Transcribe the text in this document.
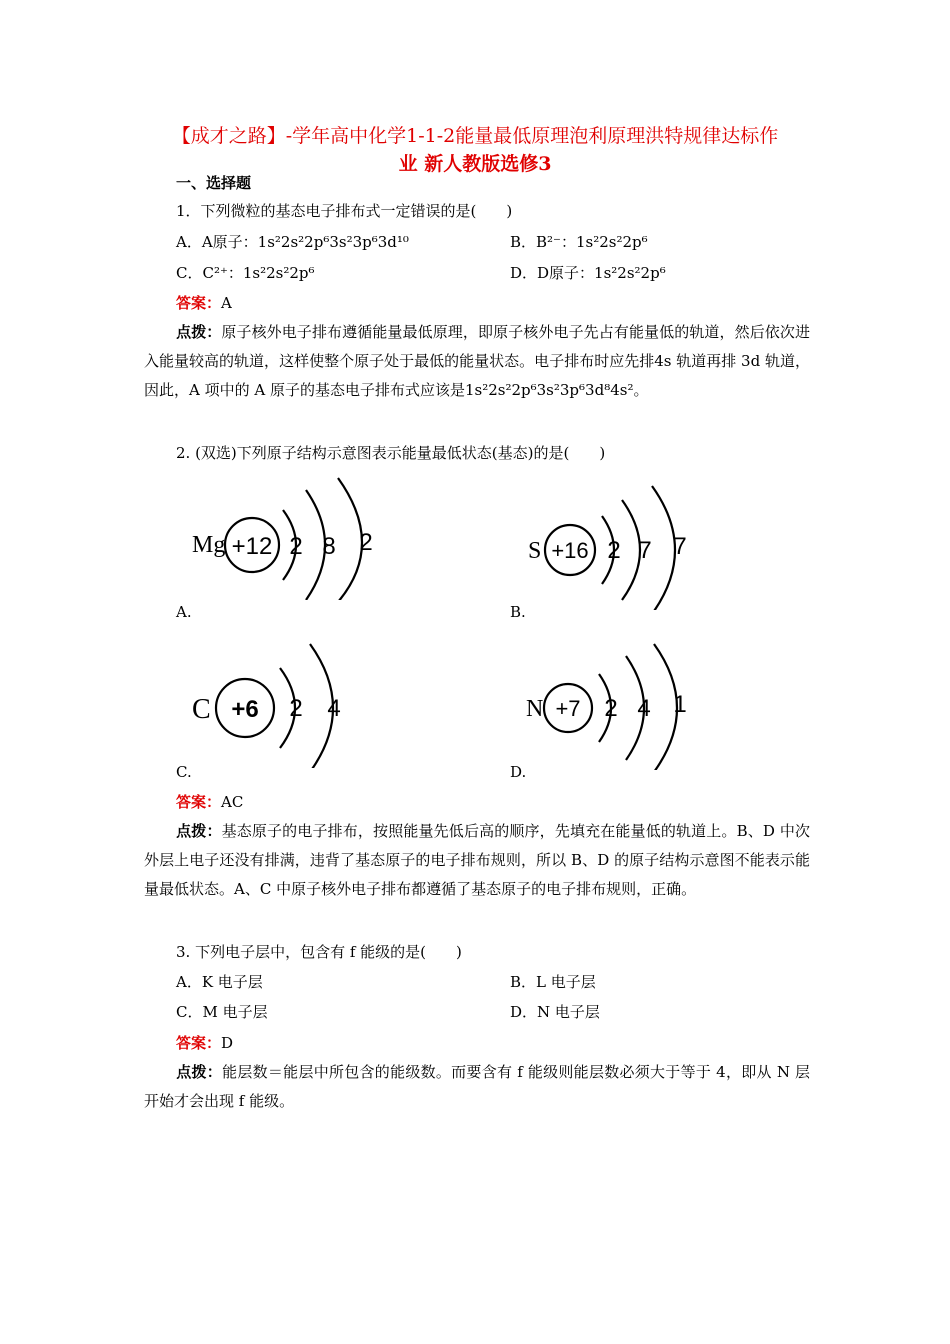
【成才之路】-学年高中化学1-1-2能量最低原理泡利原理洪特规律达标作
业 新人教版选修3
一、选择题
1．下列微粒的基态电子排布式一定错误的是(　　)
A．A原子：1s²2s²2p⁶3s²3p⁶3d¹⁰	B．B²⁻：1s²2s²2p⁶
C．C²⁺：1s²2s²2p⁶	D．D原子：1s²2s²2p⁶
答案：A
点拨：原子核外电子排布遵循能量最低原理，即原子核外电子先占有能量低的轨道，然后依次进入能量较高的轨道，这样使整个原子处于最低的能量状态。电子排布时应先排4s 轨道再排 3d 轨道，因此，A 项中的 A 原子的基态电子排布式应该是1s²2s²2p⁶3s²3p⁶3d⁸4s²。
2. (双选)下列原子结构示意图表示能量最低状态(基态)的是(　　)
Mg +12 2 8 2
A.
S +16 2 7 7
B.
C +6 2 4
C.
N +7 2 4 1
D.
答案：AC
点拨：基态原子的电子排布，按照能量先低后高的顺序，先填充在能量低的轨道上。B、D 中次外层上电子还没有排满，违背了基态原子的电子排布规则，所以 B、D 的原子结构示意图不能表示能量最低状态。A、C 中原子核外电子排布都遵循了基态原子的电子排布规则，正确。
3. 下列电子层中，包含有 f 能级的是(　　)
A．K 电子层	B．L 电子层
C．M 电子层	D．N 电子层
答案：D
点拨：能层数＝能层中所包含的能级数。而要含有 f 能级则能层数必须大于等于 4，即从 N 层开始才会出现 f 能级。
